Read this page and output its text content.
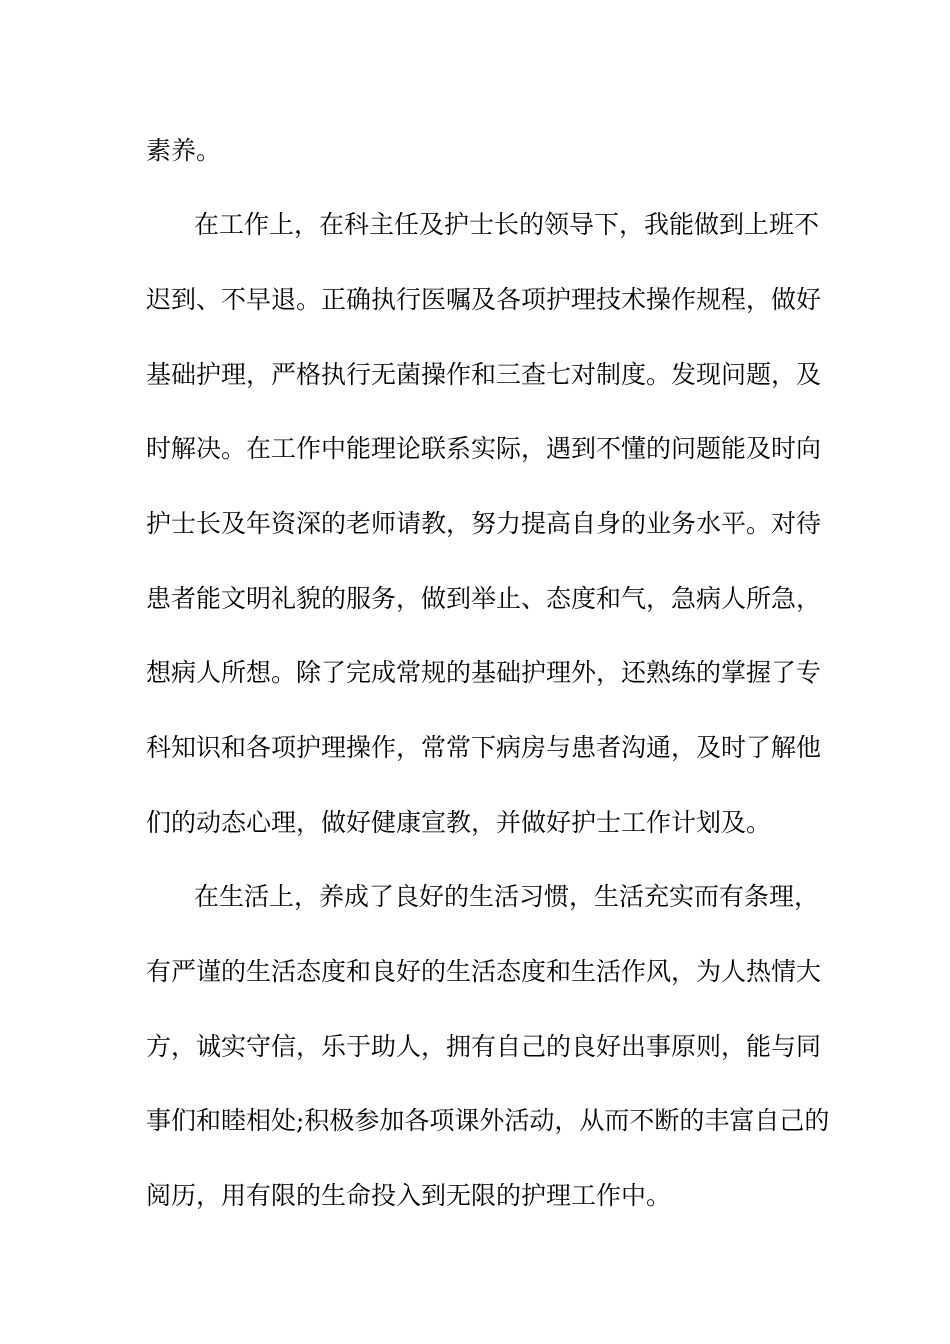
素养。

在工作上，在科主任及护士长的领导下，我能做到上班不

迟到、不早退。正确执行医嘱及各项护理技术操作规程，做好

基础护理，严格执行无菌操作和三查七对制度。发现问题，及

时解决。在工作中能理论联系实际，遇到不懂的问题能及时向

护士长及年资深的老师请教，努力提高自身的业务水平。对待

患者能文明礼貌的服务，做到举止、态度和气，急病人所急，

想病人所想。除了完成常规的基础护理外，还熟练的掌握了专

科知识和各项护理操作，常常下病房与患者沟通，及时了解他

们的动态心理，做好健康宣教，并做好护士工作计划及。

在生活上，养成了良好的生活习惯，生活充实而有条理，

有严谨的生活态度和良好的生活态度和生活作风，为人热情大

方，诚实守信，乐于助人，拥有自己的良好出事原则，能与同

事们和睦相处;积极参加各项课外活动，从而不断的丰富自己的

阅历，用有限的生命投入到无限的护理工作中。
